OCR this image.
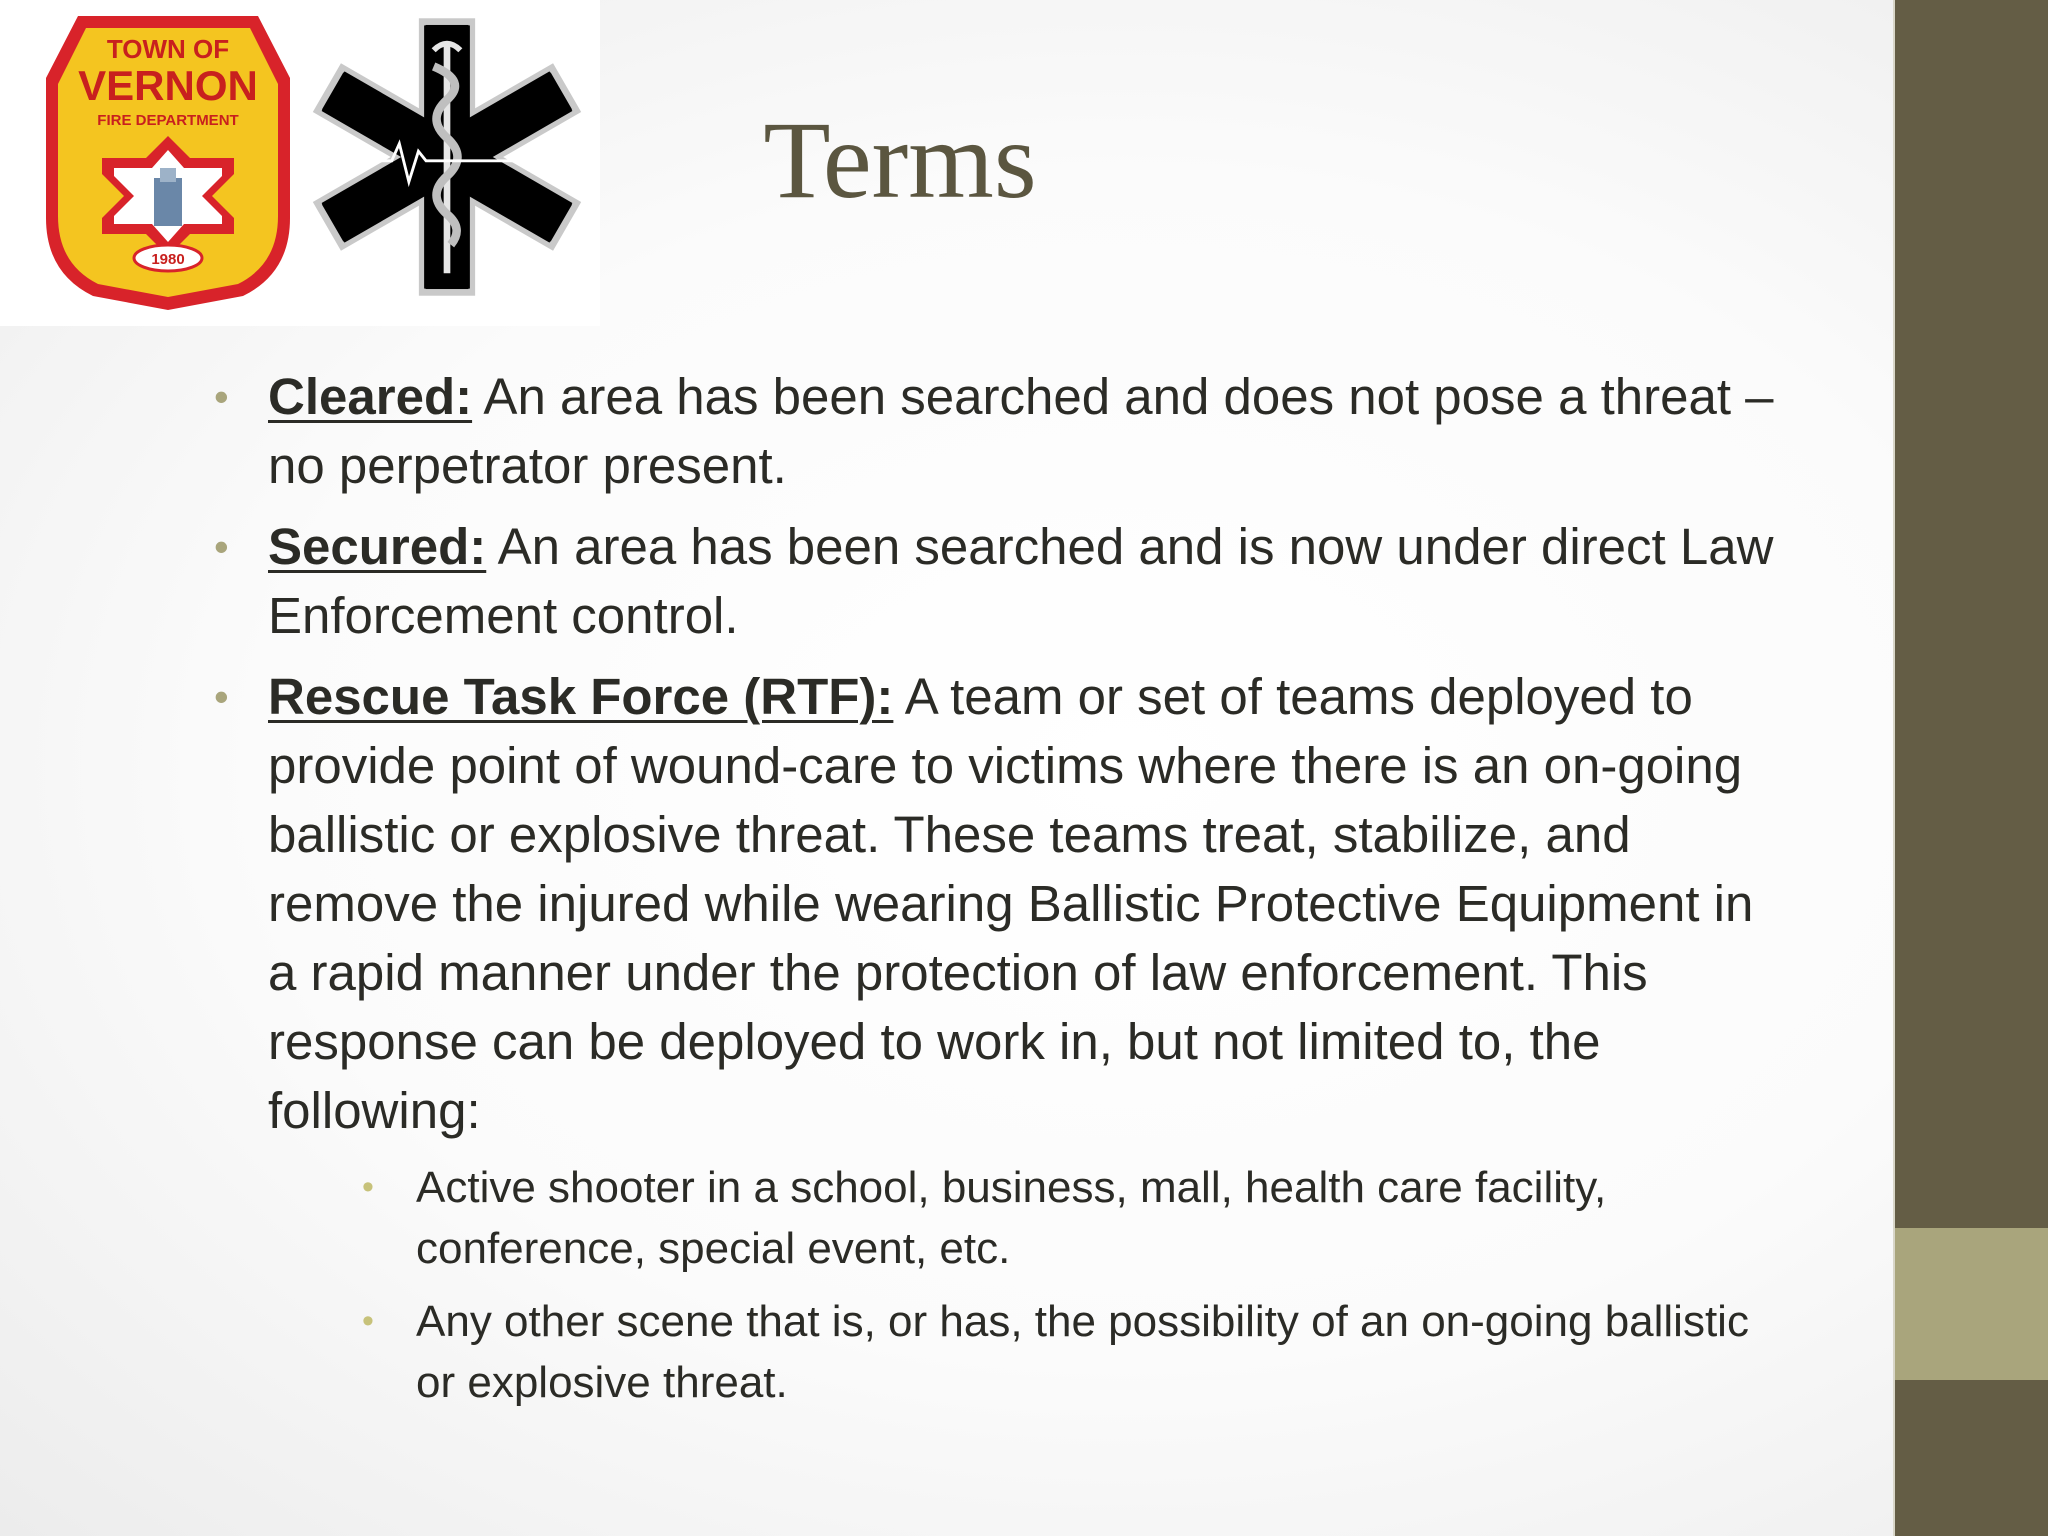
TOWN OF
VERNON
FIRE DEPARTMENT
1980
Terms
• Cleared: An area has been searched and does not pose a threat – no perpetrator present.
• Secured: An area has been searched and is now under direct Law Enforcement control.
• Rescue Task Force (RTF): A team or set of teams deployed to provide point of wound-care to victims where there is an on-going ballistic or explosive threat. These teams treat, stabilize, and remove the injured while wearing Ballistic Protective Equipment in a rapid manner under the protection of law enforcement. This response can be deployed to work in, but not limited to, the following:
• Active shooter in a school, business, mall, health care facility, conference, special event, etc.
• Any other scene that is, or has, the possibility of an on-going ballistic or explosive threat.
